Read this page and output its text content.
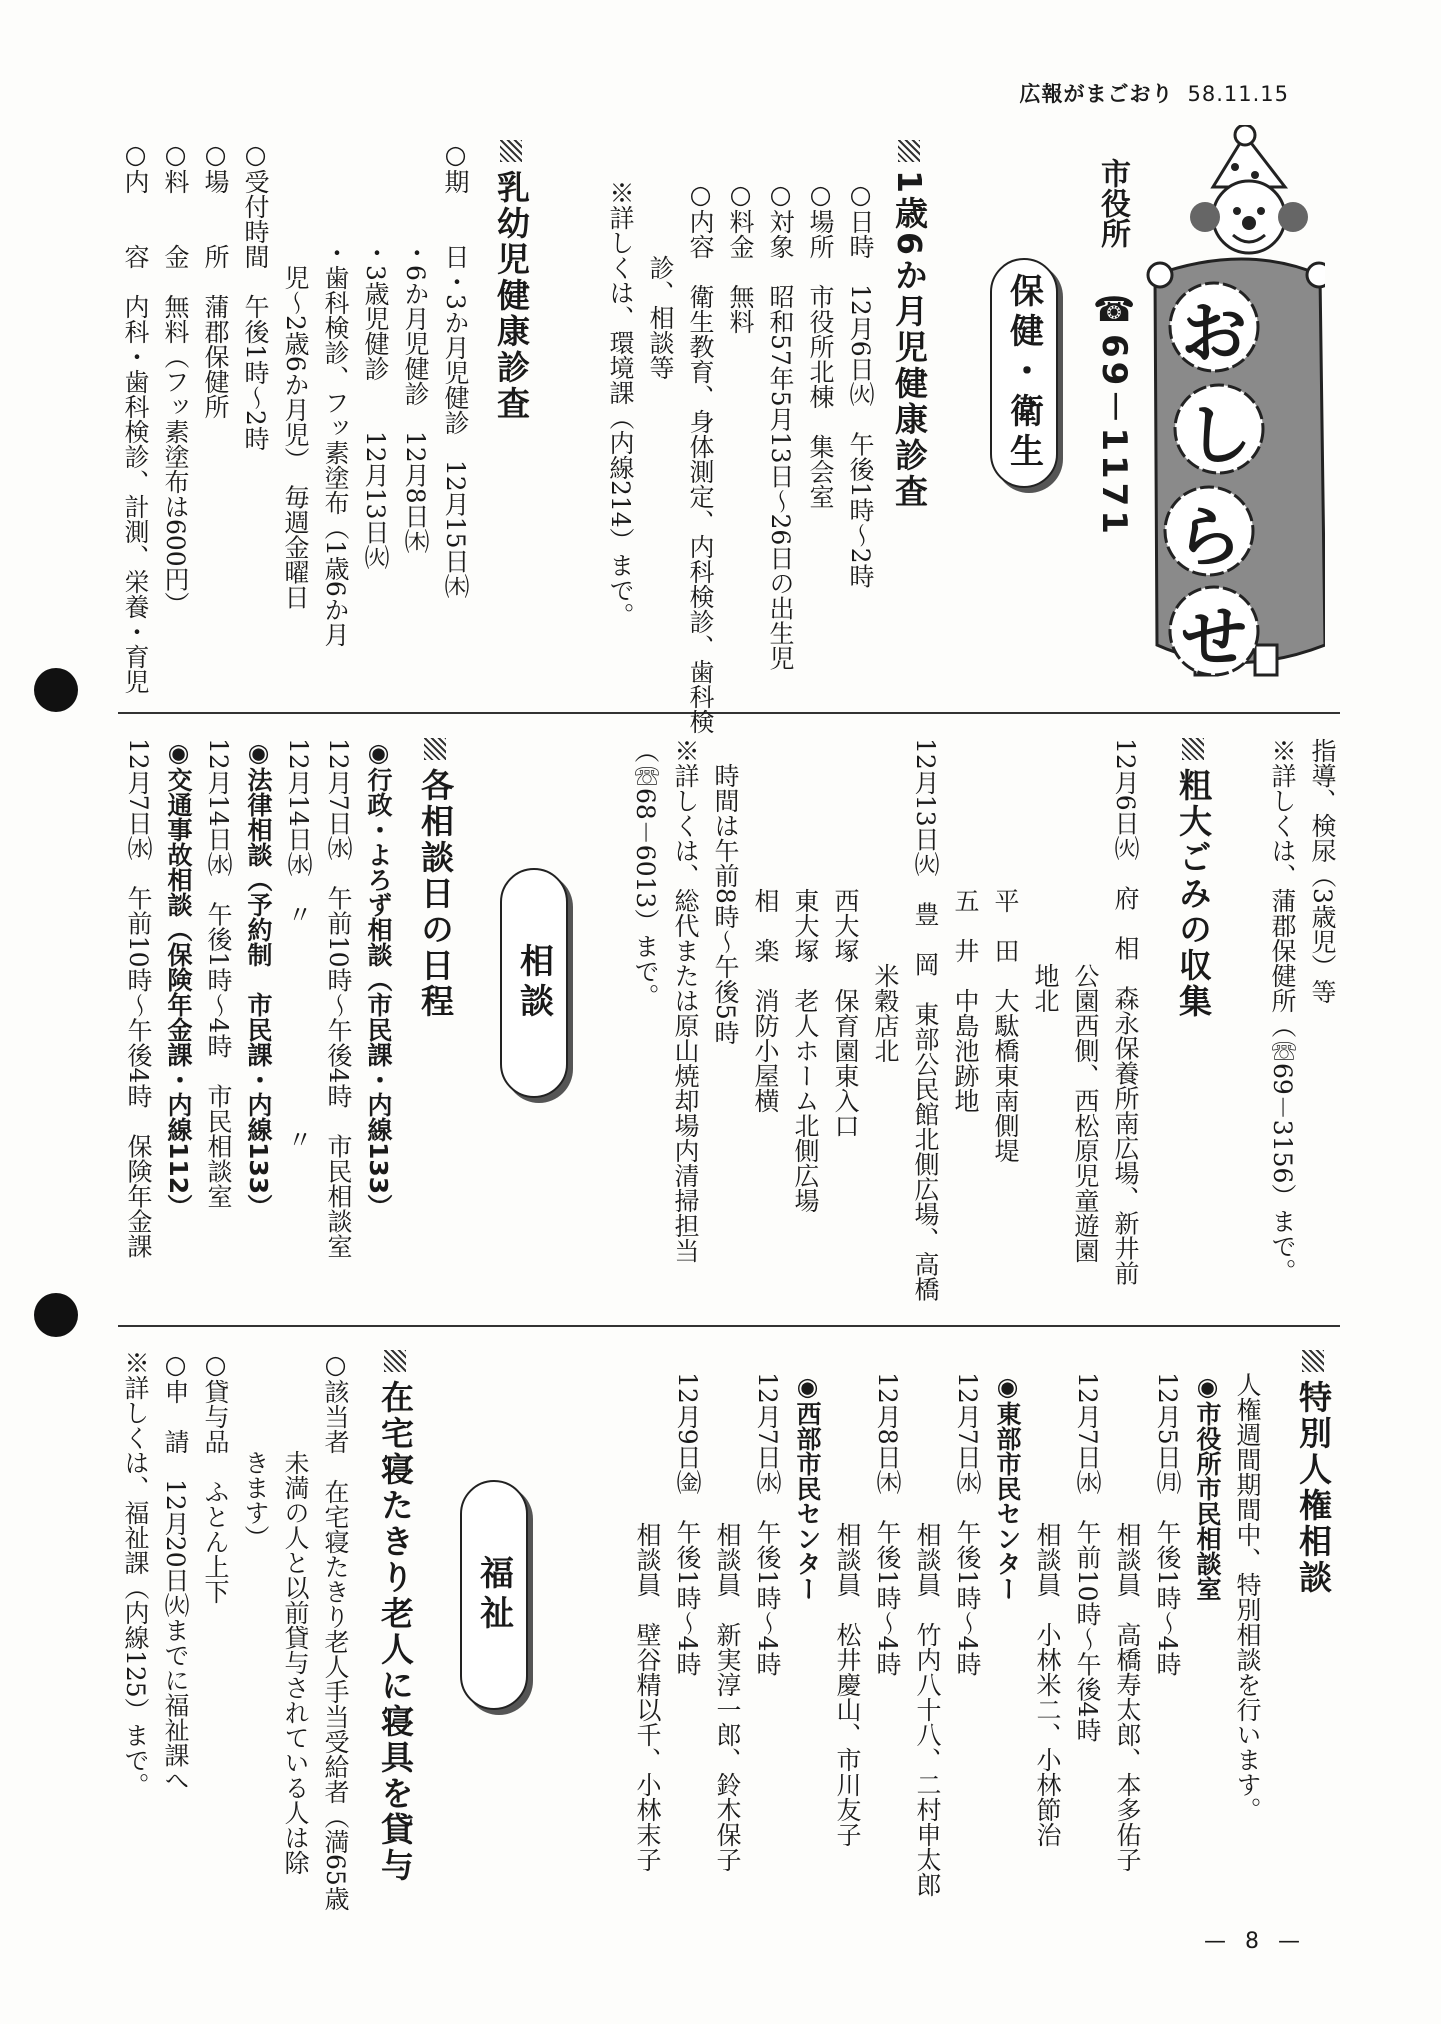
広報がまごおり 58.11.15
— 8 —
市役所
☎69－1171 お
し
ら
せ
保健・衛生
1歳6か月児健康診査
○日時　12月6日㈫　午後1時～2時
○場所　市役所北棟　集会室
○対象　昭和57年5月13日～26日の出生児
○料金　無料
○内容　衛生教育、身体測定、内科検診、歯科検
　　　診、相談等
※詳しくは、環境課（内線214）まで。
乳幼児健康診査
○期　　日・3か月児健診　12月15日㈭
　　　　・6か月児健診　12月8日㈭
　　　　・3歳児健診　　12月13日㈫
　　　　・歯科検診、フッ素塗布（1歳6か月
　　　　　児～2歳6か月児）　毎週金曜日
○受付時間　午後1時～2時
○場　　所　蒲郡保健所
○料　　金　無料（フッ素塗布は600円）
○内　　容　内科・歯科検診、計測、栄養・育児
指導、検尿（3歳児）等
※詳しくは、蒲郡保健所（☏69－3156）まで。
粗大ごみの収集
12月6日㈫　府　相　森永保養所南広場、新井前
　　　　　　　　　公園西側、西松原児童遊園
　　　　　　　　　地北
　　　　　　平　田　大駄橋東南側堤
　　　　　　五　井　中島池跡地
12月13日㈫　豊　岡　東部公民館北側広場、高橋
　　　　　　　　　米穀店北
　　　　　　西大塚　保育園東入口
　　　　　　東大塚　老人ホーム北側広場
　　　　　　相　楽　消防小屋横
　時間は午前8時～午後5時
※詳しくは、総代または原山焼却場内清掃担当
（☏68－6013）まで。
相談
各相談日の日程
◉行政・よろず相談（市民課・内線133）
12月7日㈬　午前10時～午後4時　市民相談室
12月14日㈬　〃　　　　　　　　〃
◉法律相談（予約制　市民課・内線133）
12月14日㈬　午後1時～4時　市民相談室
◉交通事故相談（保険年金課・内線112）
12月7日㈬　午前10時～午後4時　保険年金課
特別人権相談
人権週間期間中、特別相談を行います。
◉市役所市民相談室
12月5日㈪　午後1時～4時
　　　　　　相談員　高橋寿太郎、本多佑子
12月7日㈬　午前10時～午後4時
　　　　　　相談員　小林米二、小林節治
◉東部市民センター
12月7日㈬　午後1時～4時
　　　　　　相談員　竹内八十八、二村申太郎
12月8日㈭　午後1時～4時
　　　　　　相談員　松井慶山、市川友子
◉西部市民センター
12月7日㈬　午後1時～4時
　　　　　　相談員　新実淳一郎、鈴木保子
12月9日㈮　午後1時～4時
　　　　　　相談員　壁谷精以千、小林末子
福祉
在宅寝たきり老人に寝具を貸与
○該当者　在宅寝たきり老人手当受給者（満65歳
　　　　未満の人と以前貸与されている人は除
　　　　きます）
○貸与品　ふとん上下
○申　請　12月20日㈫までに福祉課へ
※詳しくは、福祉課（内線125）まで。
